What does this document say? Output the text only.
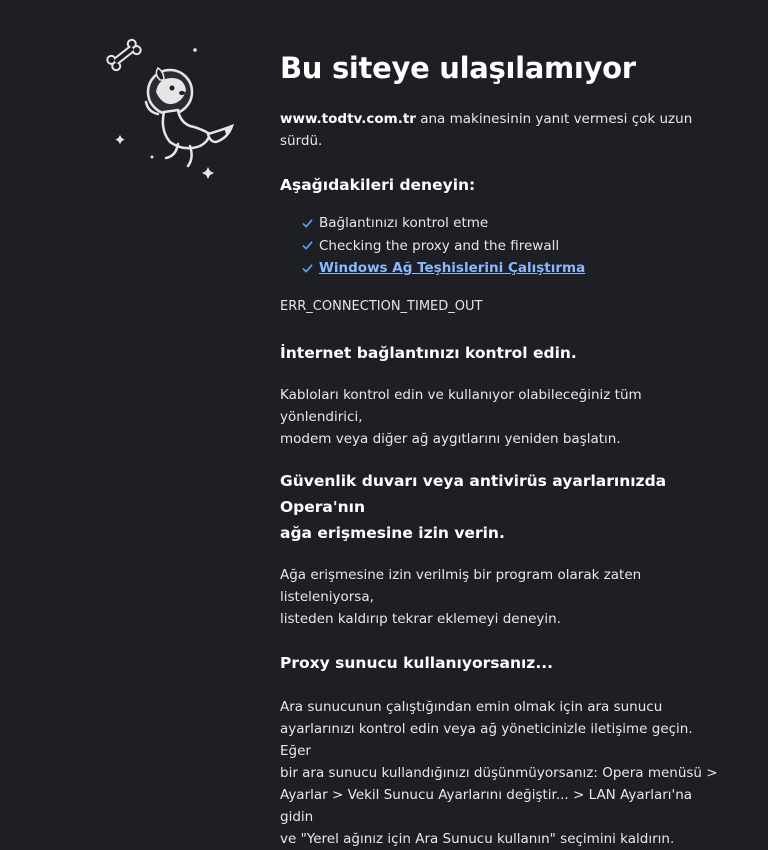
Bu siteye ulaşılamıyor

www.todtv.com.tr ana makinesinin yanıt vermesi çok uzun sürdü.

Aşağıdakileri deneyin:
Bağlantınızı kontrol etme
Checking the proxy and the firewall
Windows Ağ Teşhislerini Çalıştırma

ERR_CONNECTION_TIMED_OUT

İnternet bağlantınızı kontrol edin.

Kabloları kontrol edin ve kullanıyor olabileceğiniz tüm yönlendirici,

modem veya diğer ağ aygıtlarını yeniden başlatın.

Güvenlik duvarı veya antivirüs ayarlarınızda Opera'nın
ağa erişmesine izin verin.

Ağa erişmesine izin verilmiş bir program olarak zaten listeleniyorsa,

listeden kaldırıp tekrar eklemeyi deneyin.

Proxy sunucu kullanıyorsanız...

Ara sunucunun çalıştığından emin olmak için ara sunucu

ayarlarınızı kontrol edin veya ağ yöneticinizle iletişime geçin. Eğer

bir ara sunucu kullandığınızı düşünmüyorsanız: Opera menüsü >

Ayarlar > Vekil Sunucu Ayarlarını değiştir... > LAN Ayarları'na gidin

ve "Yerel ağınız için Ara Sunucu kullanın" seçimini kaldırın.
